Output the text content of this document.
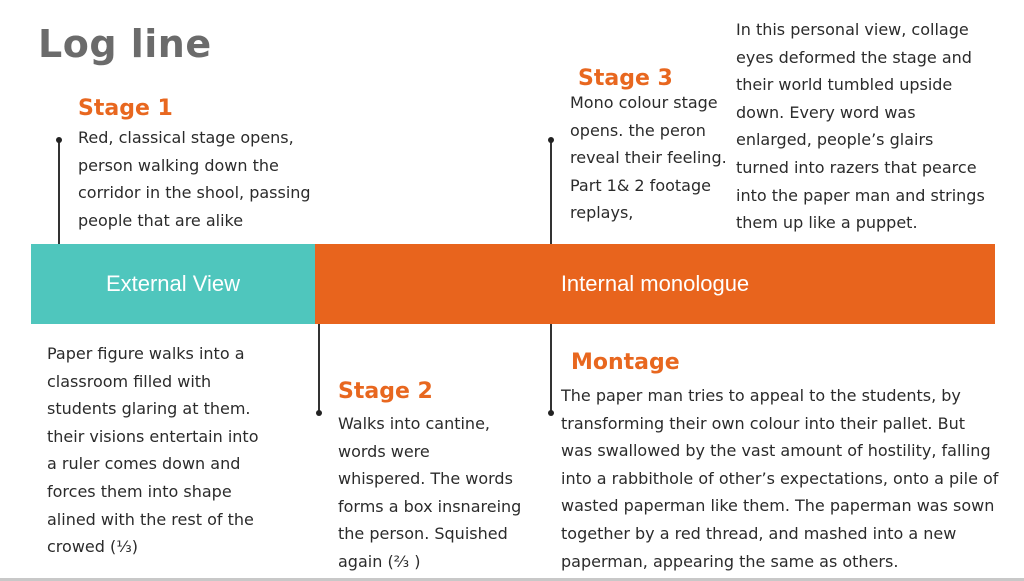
Log line
Stage 1
Red, classical stage opens,
person walking down the
corridor in the shool, passing
people that are alike
Stage 3
Mono colour stage
opens. the peron
reveal their feeling.
Part 1& 2 footage
replays,
In this personal view, collage
eyes deformed the stage and
their world tumbled upside
down. Every word was
enlarged, people’s glairs
turned into razers that pearce
into the paper man and strings
them up like a puppet.
External View	Internal monologue
Paper figure walks into a
classroom filled with
students glaring at them.
their visions entertain into
a ruler comes down and
forces them into shape
alined with the rest of the
crowed (⅓)
Stage 2
Walks into cantine,
words were
whispered. The words
forms a box insnareing
the person. Squished
again (⅔ )
Montage
The paper man tries to appeal to the students, by
transforming their own colour into their pallet. But
was swallowed by the vast amount of hostility, falling
into a rabbithole of other’s expectations, onto a pile of
wasted paperman like them. The paperman was sown
together by a red thread, and mashed into a new
paperman, appearing the same as others.
